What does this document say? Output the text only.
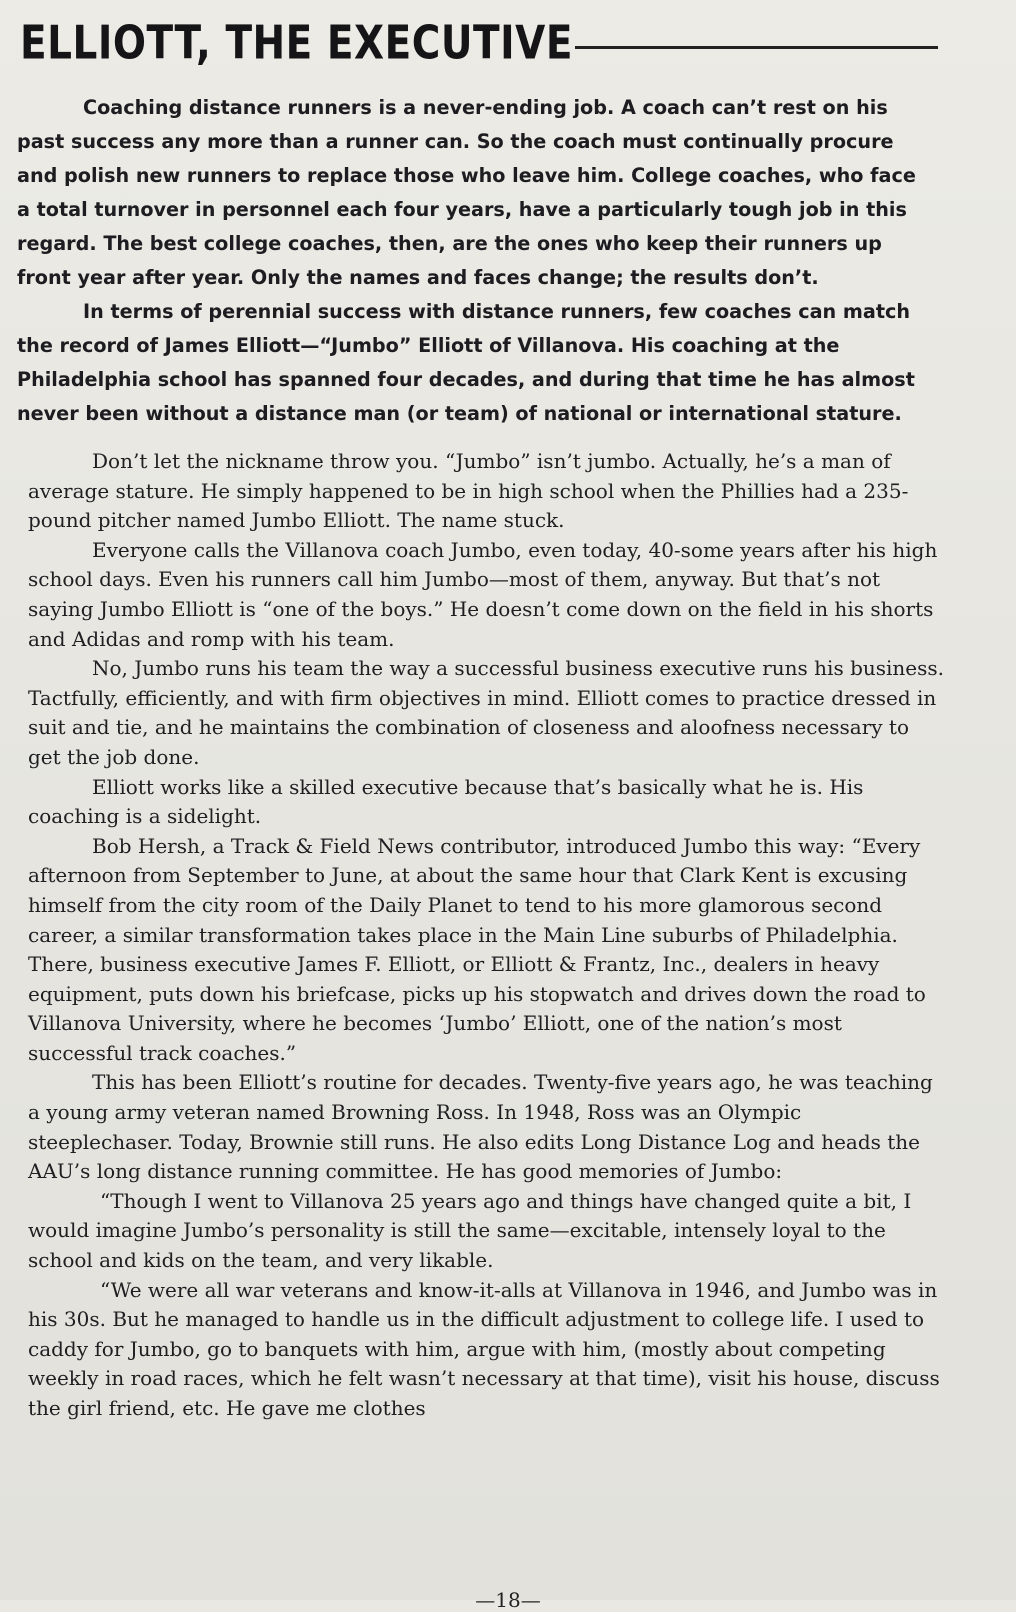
ELLIOTT, THE EXECUTIVE

Coaching distance runners is a never-ending job. A coach can’t rest on his past success any more than a runner can. So the coach must continually procure and polish new runners to replace those who leave him. College coaches, who face a total turnover in personnel each four years, have a particularly tough job in this regard. The best college coaches, then, are the ones who keep their runners up front year after year. Only the names and faces change; the results don’t.

In terms of perennial success with distance runners, few coaches can match the record of James Elliott—“Jumbo” Elliott of Villanova. His coaching at the Philadelphia school has spanned four decades, and during that time he has almost never been without a distance man (or team) of national or international stature.

Don’t let the nickname throw you. “Jumbo” isn’t jumbo. Actually, he’s a man of average stature. He simply happened to be in high school when the Phillies had a 235-pound pitcher named Jumbo Elliott. The name stuck.

Everyone calls the Villanova coach Jumbo, even today, 40-some years after his high school days. Even his runners call him Jumbo—most of them, anyway. But that’s not saying Jumbo Elliott is “one of the boys.” He doesn’t come down on the field in his shorts and Adidas and romp with his team.

No, Jumbo runs his team the way a successful business executive runs his business. Tactfully, efficiently, and with firm objectives in mind. Elliott comes to practice dressed in suit and tie, and he maintains the combination of closeness and aloofness necessary to get the job done.

Elliott works like a skilled executive because that’s basically what he is. His coaching is a sidelight.

Bob Hersh, a Track & Field News contributor, introduced Jumbo this way: “Every afternoon from September to June, at about the same hour that Clark Kent is excusing himself from the city room of the Daily Planet to tend to his more glamorous second career, a similar transformation takes place in the Main Line suburbs of Philadelphia. There, business executive James F. Elliott, or Elliott & Frantz, Inc., dealers in heavy equipment, puts down his briefcase, picks up his stopwatch and drives down the road to Villanova University, where he becomes ‘Jumbo’ Elliott, one of the nation’s most successful track coaches.”

This has been Elliott’s routine for decades. Twenty-five years ago, he was teaching a young army veteran named Browning Ross. In 1948, Ross was an Olympic steeplechaser. Today, Brownie still runs. He also edits Long Distance Log and heads the AAU’s long distance running committee. He has good memories of Jumbo:

“Though I went to Villanova 25 years ago and things have changed quite a bit, I would imagine Jumbo’s personality is still the same—excitable, intensely loyal to the school and kids on the team, and very likable.

“We were all war veterans and know-it-alls at Villanova in 1946, and Jumbo was in his 30s. But he managed to handle us in the difficult adjustment to college life. I used to caddy for Jumbo, go to banquets with him, argue with him, (mostly about competing weekly in road races, which he felt wasn’t necessary at that time), visit his house, discuss the girl friend, etc. He gave me clothes

—18—
